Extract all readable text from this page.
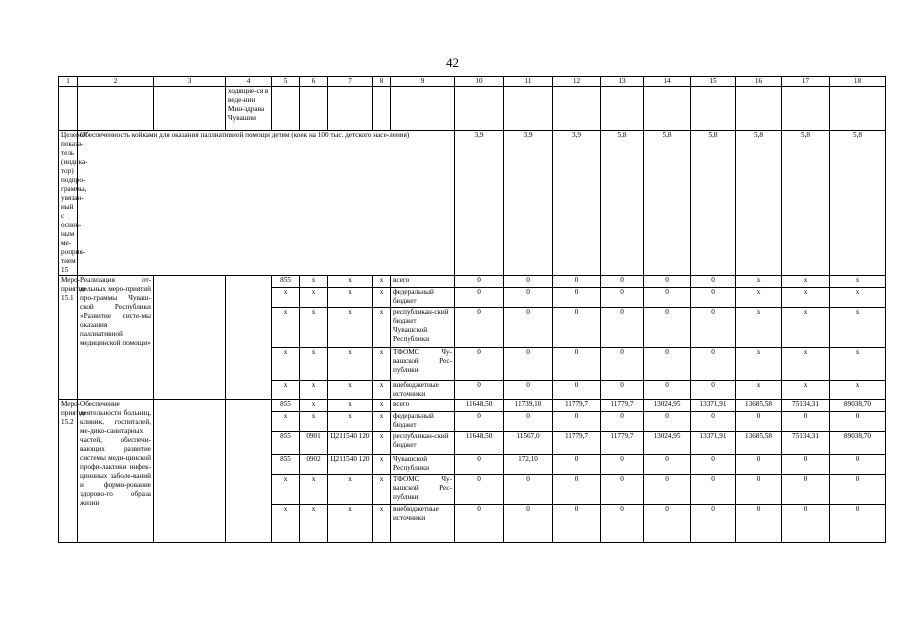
42
1	2	3	4	5	6	7	8	9	10	11	12	13	14	15	16	17	18
			ходящие-ся в веде-нии Мин-здрава Чувашии														
Целевой показа-тель (индика-тор) подпро-граммы, увязан-ный с основ-ным ме-роприя-тием 15	Обеспеченность койками для оказания паллиативной помощи детям (коек на 100 тыс. детского насе-ления)								3,9	3,9	3,9	5,8	5,8	5,8	5,8	5,8	5,8
Меро-приятие 15.1	Реализация от-дельных меро-приятий про-граммы Чуваш-ской Республики «Развитие систе-мы оказания паллиативной медицинской помощи»			855	x	x	x	всего	0	0	0	0	0	0	x	x	x
				x	x	x	x	федеральный бюджет	0	0	0	0	0	0	x	x	x
				x	x	x	x	республикан-ский бюджет Чувашской Республики	0	0	0	0	0	0	x	x	x
				x	x	x	x	ТФОМС Чу-вашской Рес-публики	0	0	0	0	0	0	x	x	x
				x	x	x	x	внебюджетные источники	0	0	0	0	0	0	x	x	x
Меро-приятие 15.2	Обеспечение деятельности больниц, клиник, госпиталей, ме-дико-санитарных частей, обеспечи-вающих развитие системы меди-цинской профи-лактики инфек-ционных заболе-ваний и форми-рование здорово-го образа жизни			855	x	x	x	всего	11648,50	11739,10	11779,7	11779,7	13024,95	13371,91	13685,58	75134,31	89038,70
				x	x	x	x	федеральный бюджет	0	0	0	0	0	0	0	0	0
				855	0901	Ц211540 120	x	республикан-ский бюджет	11648,50	11567,0	11779,7	11779,7	13024,95	13371,91	13685,58	75134,31	89038,70
				855	0902	Ц211540 120	x	Чувашской Республики	0	172,10	0	0	0	0	0	0	0
				x	x	x	x	ТФОМС Чу-вашской Рес-публики	0	0	0	0	0	0	0	0	0
				x	x	x	x	внебюджетные источники	0	0	0	0	0	0	0	0	0
